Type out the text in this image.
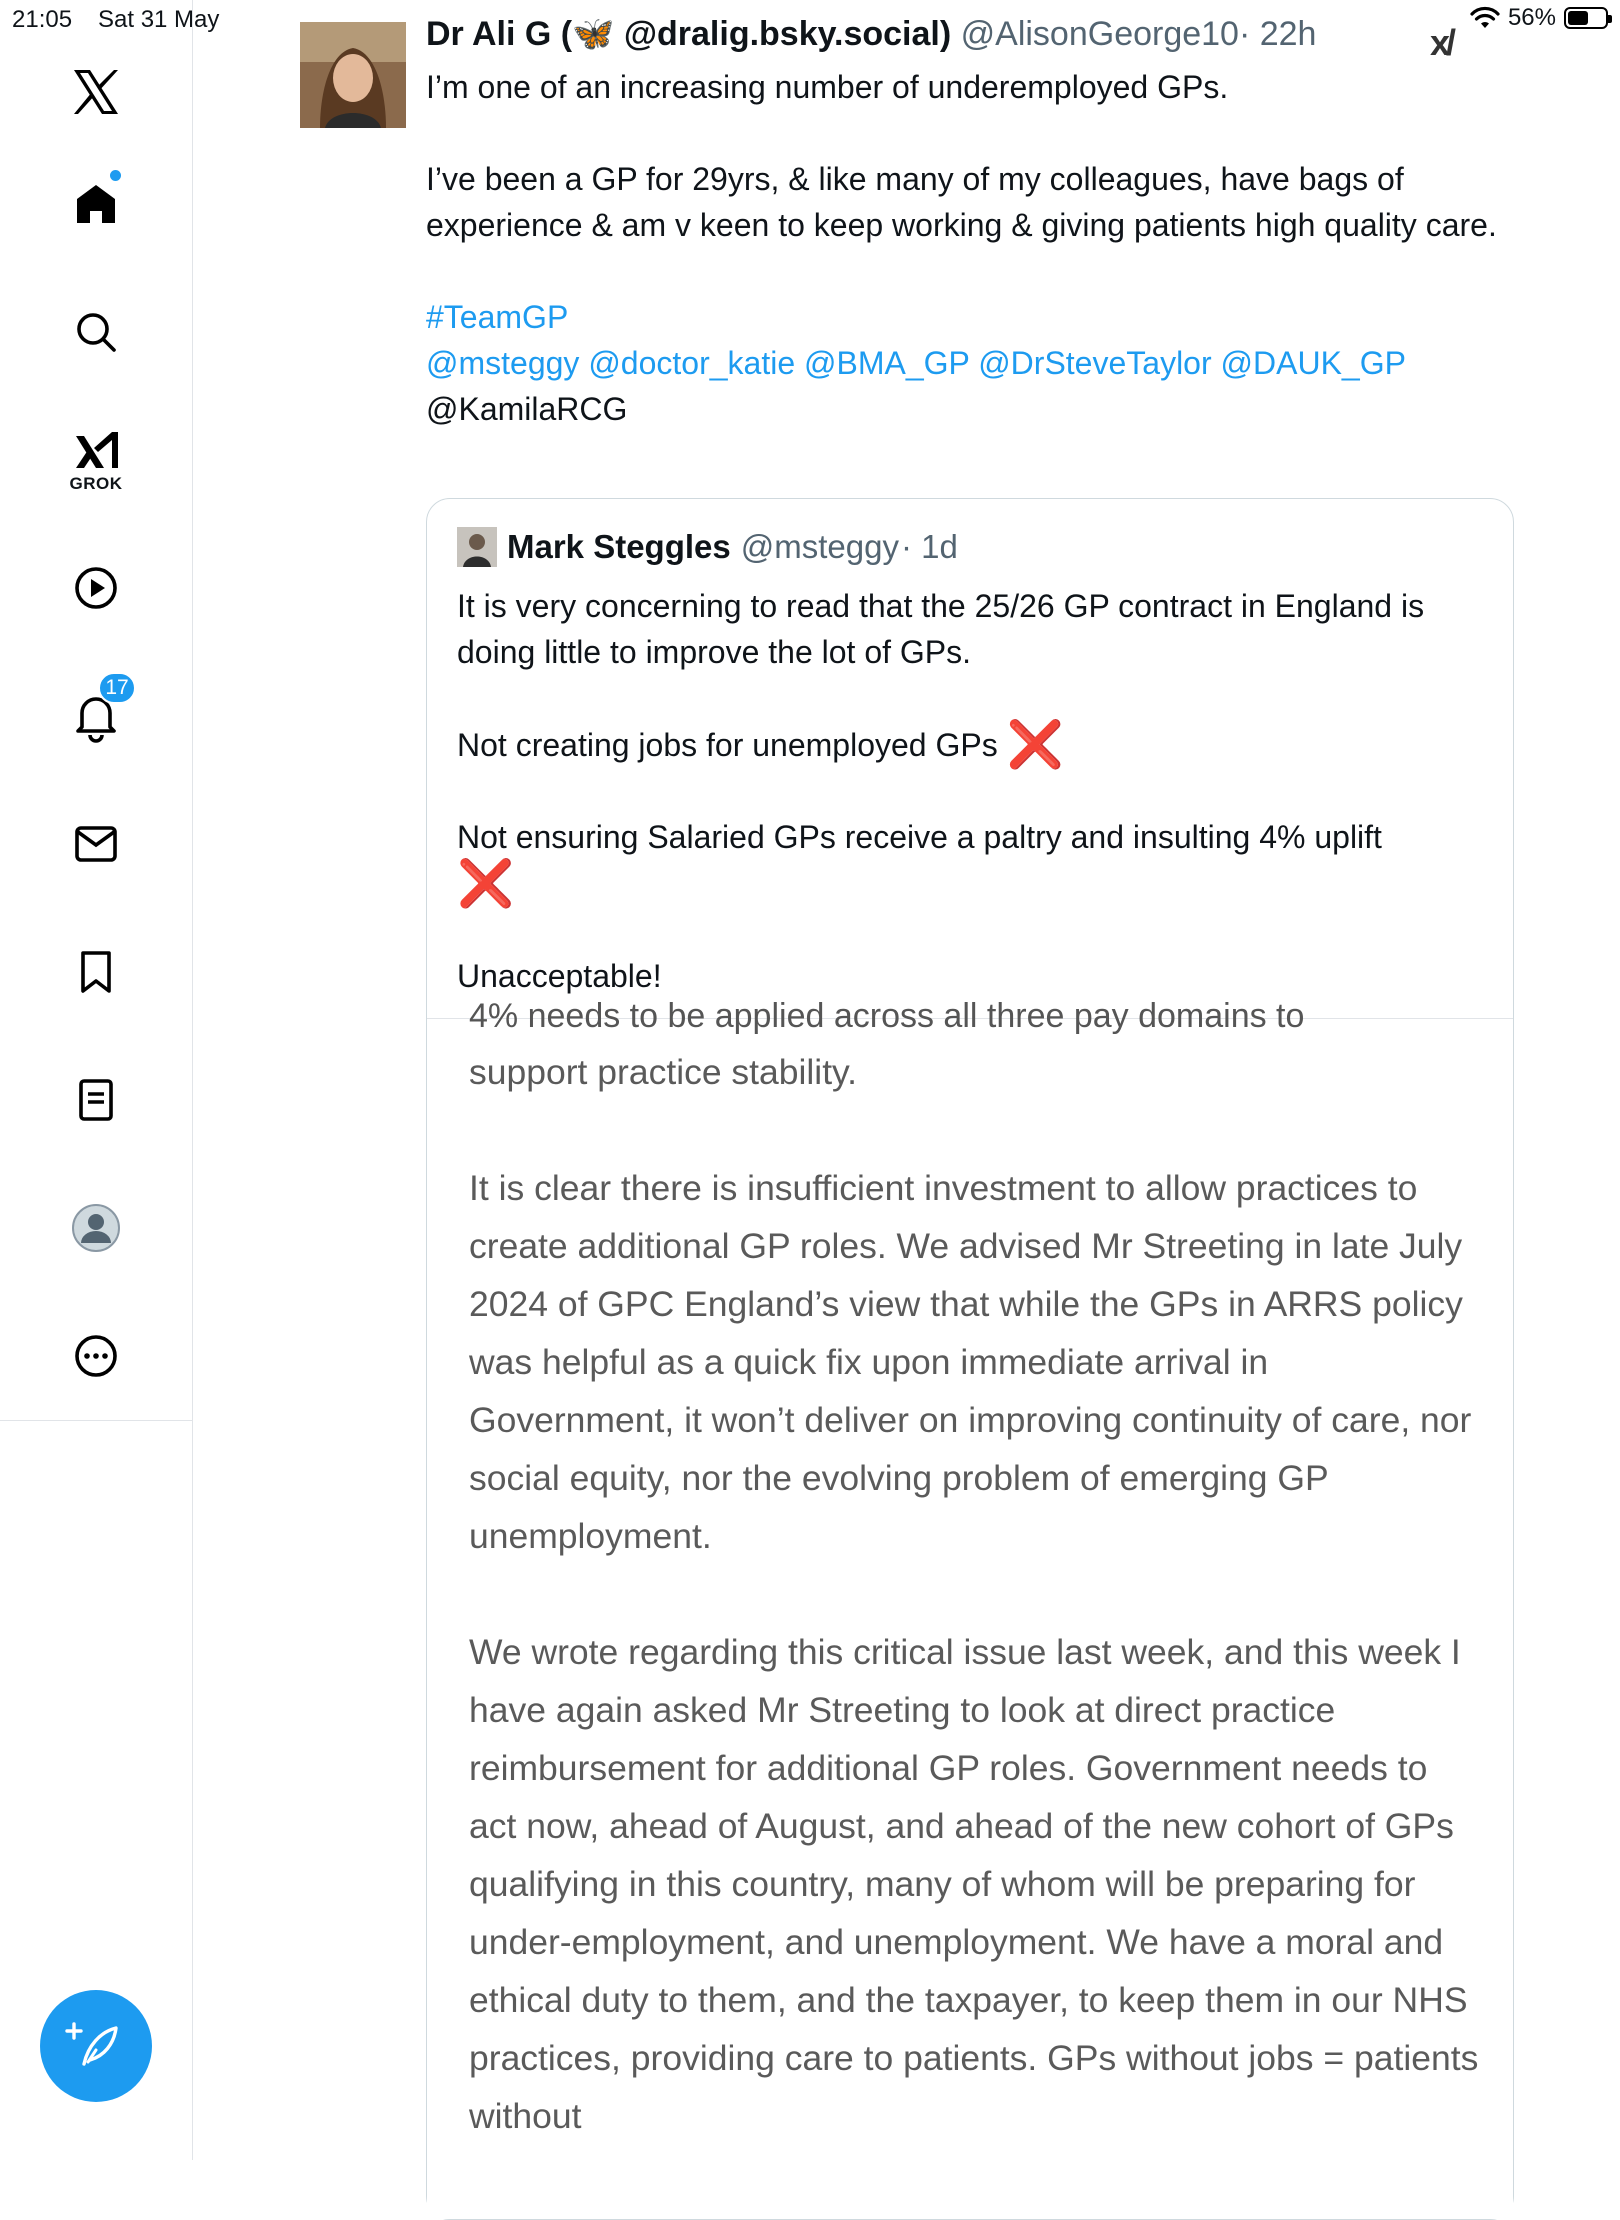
21:05 Sat 31 May	56%
x/
GROK
17
Dr Ali G (🦋 @dralig.bsky.social) @AlisonGeorge10· 22h

I’m one of an increasing number of underemployed GPs.

I’ve been a GP for 29yrs, & like many of my colleagues, have bags of experience & am v keen to keep working & giving patients high quality care.

#TeamGP

@msteggy @doctor_katie @BMA_GP @DrSteveTaylor @DAUK_GP

@KamilaRCG

Mark Steggles @msteggy · 1d

It is very concerning to read that the 25/26 GP contract in England is doing little to improve the lot of GPs.

Not creating jobs for unemployed GPs ❌

Not ensuring Salaried GPs receive a paltry and insulting 4% uplift
❌

Unacceptable!

4% needs to be applied across all three pay domains to

support practice stability.

It is clear there is insufficient investment to allow practices to create additional GP roles. We advised Mr Streeting in late July 2024 of GPC England’s view that while the GPs in ARRS policy was helpful as a quick fix upon immediate arrival in Government, it won’t deliver on improving continuity of care, nor social equity, nor the evolving problem of emerging GP unemployment.

We wrote regarding this critical issue last week, and this week I have again asked Mr Streeting to look at direct practice reimbursement for additional GP roles. Government needs to act now, ahead of August, and ahead of the new cohort of GPs qualifying in this country, many of whom will be preparing for under-employment, and unemployment. We have a moral and ethical duty to them, and the taxpayer, to keep them in our NHS practices, providing care to patients. GPs without jobs = patients without
